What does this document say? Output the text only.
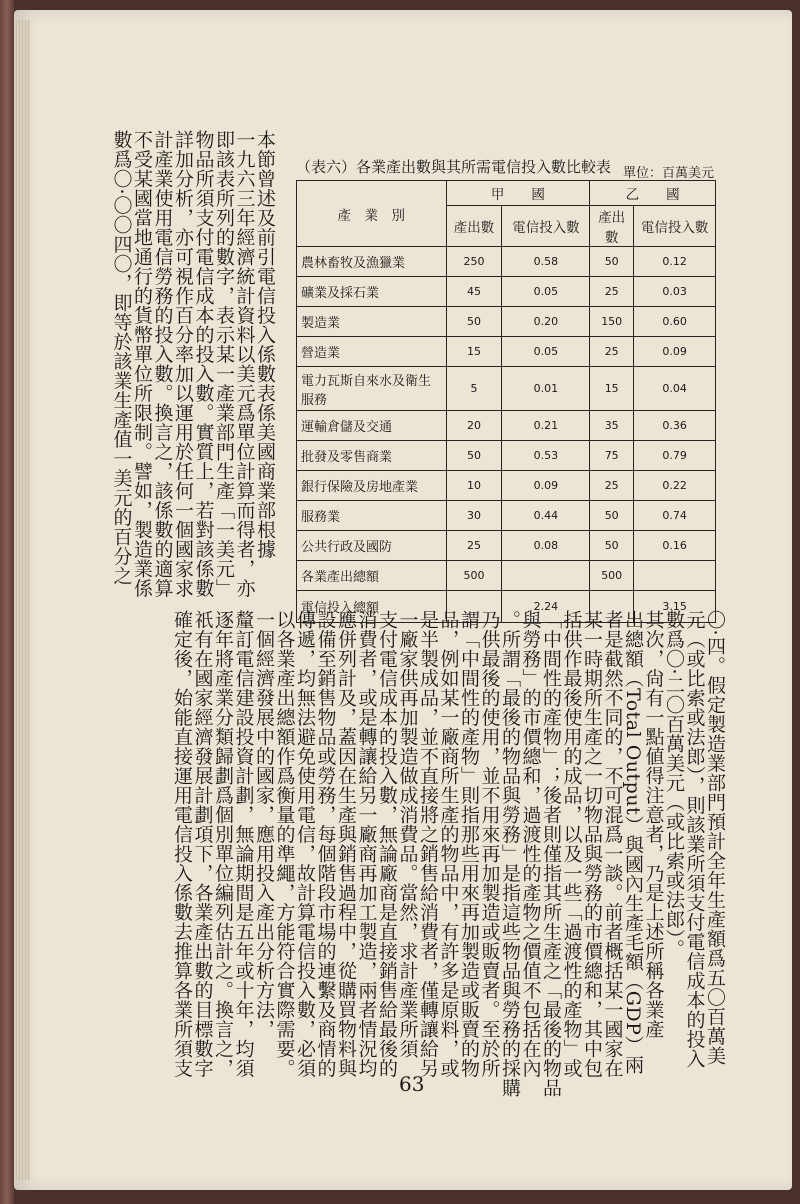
本節曾述及前引電信投入係數表係美國商業部根據
一九六三年經濟統計資料以美元爲單位計算而得者，亦
即該表所列的數字，表示某一產業部門生產「一美元」
物品所須支付電信成本的投入數。實質上，若對該係數
詳加分析，亦可視作百分率加以運用於任何一個國家求
計產業使用電信勞務的投入數。換言之，該係數的適算
不受某國當地通行的貨幣單位所限制。譬如，製造業係
數爲〇·〇〇四〇，即等於該業生產值一美元的百分之	（表六）各業產出數與其所需電信投入數比較表 單位：百萬美元
產　業　別	甲　　國		乙　　國	
	產出數	電信投入數	產出數	電信投入數
農林畜牧及漁獵業	250	0.58	50	0.12
礦業及採石業	45	0.05	25	0.03
製造業	50	0.20	150	0.60
營造業	15	0.05	25	0.09
電力瓦斯自來水及衛生服務	5	0.01	15	0.04
運輸倉儲及交通	20	0.21	35	0.36
批發及零售商業	50	0.53	75	0.79
銀行保險及房地產業	10	0.09	25	0.22
服務業	30	0.44	50	0.74
公共行政及國防	25	0.08	50	0.16
各業產出總額	500		500	
電信投入總額		2.24		3.15
〇·四。假定製造業部門預計全年生產額爲五〇百萬美
元（或比索或法郎），則該業所須支付電信成本的投入
數爲〇·二〇百萬美元（或比索或法郎）。
其次，尙有一點値得注意者，乃是上述所稱各業產
出總額（Total Output）與國內生產毛額（GDP）兩
者是截然不同的，不可混爲一談。前者概括某一國家在
某一時期所生產之一切物品與勞務的市價總和，其中包
括供作最後使用的成品，以及一些「過渡性的產物」或
「中間性的產物」；後者則僅指其所生產之「最後的物品
與勞務」的市價總和，過渡性的產物之價值不包括在內
。所謂「最後的物品與勞務」是指這些物品與勞務的採購
乃供最後的使用，並不用來再加製造或販賣者。至於所
謂「中間性的產物」則指那些用來再加製造或販賣的物
品，例如某一廠商所生產的物品中，有許多是原料，或
是半製成品，並不直接將之銷售給消費者，僅轉讓給另
一廠家供再加製造做成消費品。當然，求計產業所須
支付電信成本的投入數，無論廠商是直接銷售給最後的
消費者，或是轉讓給另一廠商再加工製造，兩者情況均
應併列計及，蓋因在生產與銷售過程中，從購買物料與
設備至銷售物品或勞務，每個階段市場的連繫及商情的
傳遞，均無法避免使用電信，故計算電信投入數，必須
以各業產出總額作爲衡量的準繩，方能符合實際需要。
一個經濟發展中的國家，應用投入產出分析方法，
釐訂電信建設投資計劃，無論期間是五年或十年，均須
逐年將產業分類歸劃爲個別單位編列估計之。換言之，
祇有在國家經濟發展計劃項下，各業產出數的目標數字
確定後，始能直接運用電信投入係數去推算各業所須支
63
